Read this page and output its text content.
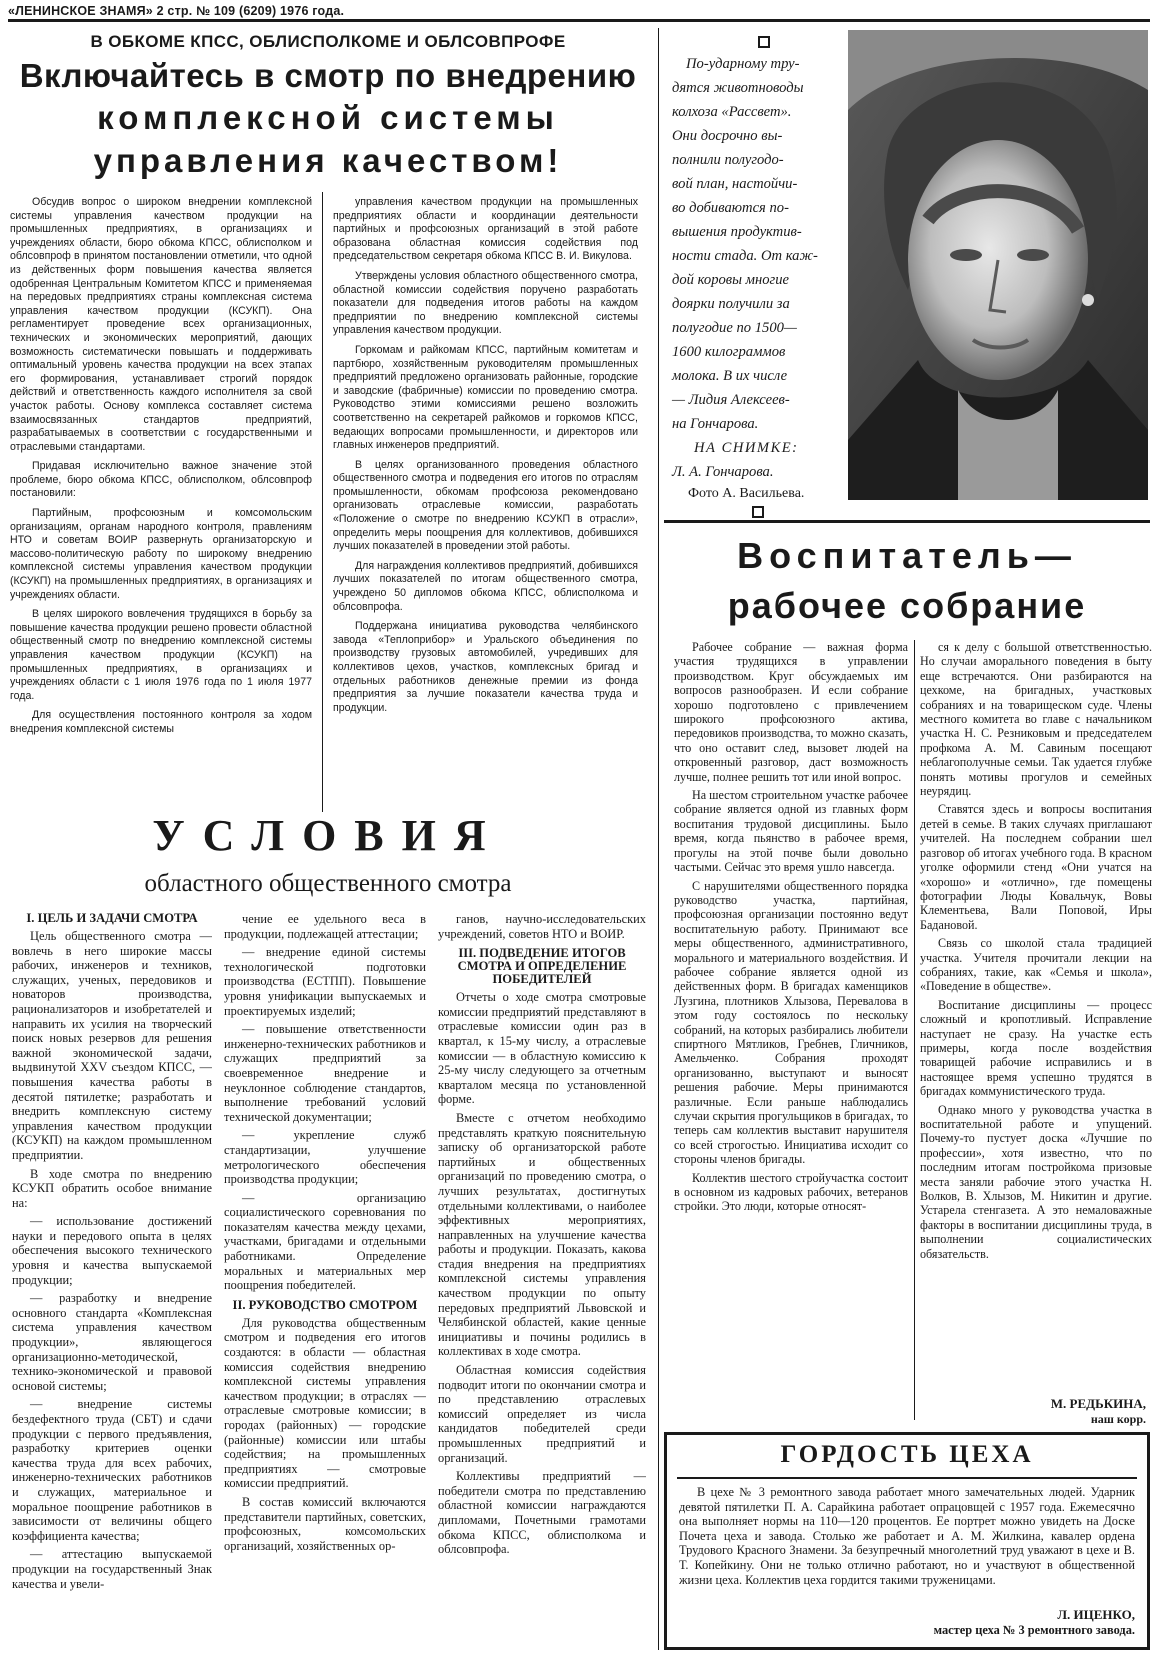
«ЛЕНИНСКОЕ ЗНАМЯ» 2 стр. № 109 (6209) 1976 года.
В ОБКОМЕ КПСС, ОБЛИСПОЛКОМЕ И ОБЛСОВПРОФЕ
Включайтесь в смотр по внедрению
комплексной системы
управления качеством!

Обсудив вопрос о широком внедрении комплексной системы управления качеством продукции на промышленных предприятиях, в организациях и учреждениях области, бюро обкома КПСС, облисполком и облсовпроф в принятом постановлении отметили, что одной из действенных форм повышения качества является одобренная Центральным Комитетом КПСС и применяемая на передовых предприятиях страны комплексная система управления качеством продукции (КСУКП). Она регламентирует проведение всех организационных, технических и экономических мероприятий, дающих возможность систематически повышать и поддерживать оптимальный уровень качества продукции на всех этапах его формирования, устанавливает строгий порядок действий и ответственность каждого исполнителя за свой участок работы. Основу комплекса составляет система взаимосвязанных стандартов предприятий, разрабатываемых в соответствии с государственными и отраслевыми стандартами.

Придавая исключительно важное значение этой проблеме, бюро обкома КПСС, облисполком, облсовпроф постановили:

Партийным, профсоюзным и комсомольским организациям, органам народного контроля, правлениям НТО и советам ВОИР развернуть организаторскую и массово-политическую работу по широкому внедрению комплексной системы управления качеством продукции (КСУКП) на промышленных предприятиях, в организациях и учреждениях области.

В целях широкого вовлечения трудящихся в борьбу за повышение качества продукции решено провести областной общественный смотр по внедрению комплексной системы управления качеством продукции (КСУКП) на промышленных предприятиях, в организациях и учреждениях области с 1 июля 1976 года по 1 июля 1977 года.

Для осуществления постоянного контроля за ходом внедрения комплексной системы

управления качеством продукции на промышленных предприятиях области и координации деятельности партийных и профсоюзных организаций в этой работе образована областная комиссия содействия под председательством секретаря обкома КПСС В. И. Викулова.

Утверждены условия областного общественного смотра, областной комиссии содействия поручено разработать показатели для подведения итогов работы на каждом предприятии по внедрению комплексной системы управления качеством продукции.

Горкомам и райкомам КПСС, партийным комитетам и партбюро, хозяйственным руководителям промышленных предприятий предложено организовать районные, городские и заводские (фабричные) комиссии по проведению смотра. Руководство этими комиссиями решено возложить соответственно на секретарей райкомов и горкомов КПСС, ведающих вопросами промышленности, и директоров или главных инженеров предприятий.

В целях организованного проведения областного общественного смотра и подведения его итогов по отраслям промышленности, обкомам профсоюза рекомендовано организовать отраслевые комиссии, разработать «Положение о смотре по внедрению КСУКП в отрасли», определить меры поощрения для коллективов, добившихся лучших показателей в проведении этой работы.

Для награждения коллективов предприятий, добившихся лучших показателей по итогам общественного смотра, учреждено 50 дипломов обкома КПСС, облисполкома и облсовпрофа.

Поддержана инициатива руководства челябинского завода «Теплоприбор» и Уральского объединения по производству грузовых автомобилей, учредивших для коллективов цехов, участков, комплексных бригад и отдельных работников денежные премии из фонда предприятия за лучшие показатели качества труда и продукции.

УСЛОВИЯ
областного общественного смотра
I. ЦЕЛЬ И ЗАДАЧИ СМОТРА

Цель общественного смотра — вовлечь в него широкие массы рабочих, инженеров и техников, служащих, ученых, передовиков и новаторов производства, рационализаторов и изобретателей и направить их усилия на творческий поиск новых резервов для решения важной экономической задачи, выдвинутой XXV съездом КПСС, — повышения качества работы в десятой пятилетке; разработать и внедрить комплексную систему управления качеством продукции (КСУКП) на каждом промышленном предприятии.

В ходе смотра по внедрению КСУКП обратить особое внимание на:

— использование достижений науки и передового опыта в целях обеспечения высокого технического уровня и качества выпускаемой продукции;

— разработку и внедрение основного стандарта «Комплексная система управления качеством продукции», являющегося организационно-методической, технико-экономической и правовой основой системы;

— внедрение системы бездефектного труда (СБТ) и сдачи продукции с первого предъявления, разработку критериев оценки качества труда для всех рабочих, инженерно-технических работников и служащих, материальное и моральное поощрение работников в зависимости от величины общего коэффициента качества;

— аттестацию выпускаемой продукции на государственный Знак качества и увели-

чение ее удельного веса в продукции, подлежащей аттестации;

— внедрение единой системы технологической подготовки производства (ЕСТПП). Повышение уровня унификации выпускаемых и проектируемых изделий;

— повышение ответственности инженерно-технических работников и служащих предприятий за своевременное внедрение и неуклонное соблюдение стандартов, выполнение требований условий технической документации;

— укрепление служб стандартизации, улучшение метрологического обеспечения производства продукции;

— организацию социалистического соревнования по показателям качества между цехами, участками, бригадами и отдельными работниками. Определение моральных и материальных мер поощрения победителей.

II. РУКОВОДСТВО СМОТРОМ

Для руководства общественным смотром и подведения его итогов создаются: в области — областная комиссия содействия внедрению комплексной системы управления качеством продукции; в отраслях — отраслевые смотровые комиссии; в городах (районных) — городские (районные) комиссии или штабы содействия; на промышленных предприятиях — смотровые комиссии предприятий.

В состав комиссий включаются представители партийных, советских, профсоюзных, комсомольских организаций, хозяйственных ор-

ганов, научно-исследовательских учреждений, советов НТО и ВОИР.

III. ПОДВЕДЕНИЕ ИТОГОВ СМОТРА И ОПРЕДЕЛЕНИЕ ПОБЕДИТЕЛЕЙ

Отчеты о ходе смотра смотровые комиссии предприятий представляют в отраслевые комиссии один раз в квартал, к 15-му числу, а отраслевые комиссии — в областную комиссию к 25-му числу следующего за отчетным кварталом месяца по установленной форме.

Вместе с отчетом необходимо представлять краткую пояснительную записку об организаторской работе партийных и общественных организаций по проведению смотра, о лучших результатах, достигнутых отдельными коллективами, о наиболее эффективных мероприятиях, направленных на улучшение качества работы и продукции. Показать, какова стадия внедрения на предприятиях комплексной системы управления качеством продукции по опыту передовых предприятий Львовской и Челябинской областей, какие ценные инициативы и почины родились в коллективах в ходе смотра.

Областная комиссия содействия подводит итоги по окончании смотра и по представлению отраслевых комиссий определяет из числа кандидатов победителей среди промышленных предприятий и организаций.

Коллективы предприятий — победители смотра по представлению областной комиссии награждаются дипломами, Почетными грамотами обкома КПСС, облисполкома и облсовпрофа.

По-ударному тру-

дятся животноводы

колхоза «Рассвет».

Они досрочно вы-

полнили полугодо-

вой план, настойчи-

во добиваются по-

вышения продуктив-

ности стада. От каж-

дой коровы многие

доярки получили за

полугодие по 1500—

1600 килограммов

молока. В их числе

— Лидия Алексеев-

на Гончарова.

НА СНИМКЕ:
Л. А. Гончарова.
Фото А. Васильева.
Воспитатель—
рабочее собрание

Рабочее собрание — важная форма участия трудящихся в управлении производством. Круг обсуждаемых им вопросов разнообразен. И если собрание хорошо подготовлено с привлечением широкого профсоюзного актива, передовиков производства, то можно сказать, что оно оставит след, вызовет людей на откровенный разговор, даст возможность лучше, полнее решить тот или иной вопрос.

На шестом строительном участке рабочее собрание является одной из главных форм воспитания трудовой дисциплины. Было время, когда пьянство в рабочее время, прогулы на этой почве были довольно частыми. Сейчас это время ушло навсегда.

С нарушителями общественного порядка руководство участка, партийная, профсоюзная организации постоянно ведут воспитательную работу. Принимают все меры общественного, административного, морального и материального воздействия. И рабочее собрание является одной из действенных форм. В бригадах каменщиков Лузгина, плотников Хлызова, Перевалова в этом году состоялось по нескольку собраний, на которых разбирались любители спиртного Мятликов, Гребнев, Гличников, Амельченко. Собрания проходят организованно, выступают и выносят решения рабочие. Меры принимаются различные. Если раньше наблюдались случаи скрытия прогульщиков в бригадах, то теперь сам коллектив выставит нарушителя со всей строгостью. Инициатива исходит со стороны членов бригады.

Коллектив шестого стройучастка состоит в основном из кадровых рабочих, ветеранов стройки. Это люди, которые относят-

ся к делу с большой ответственностью. Но случаи аморального поведения в быту еще встречаются. Они разбираются на цехкоме, на бригадных, участковых собраниях и на товарищеском суде. Члены местного комитета во главе с начальником участка Н. С. Резниковым и председателем профкома А. М. Савиным посещают неблагополучные семьи. Так удается глубже понять мотивы прогулов и семейных неурядиц.

Ставятся здесь и вопросы воспитания детей в семье. В таких случаях приглашают учителей. На последнем собрании шел разговор об итогах учебного года. В красном уголке оформили стенд «Они учатся на «хорошо» и «отлично», где помещены фотографии Люды Ковальчук, Вовы Клементьева, Вали Поповой, Иры Бадановой.

Связь со школой стала традицией участка. Учителя прочитали лекции на собраниях, такие, как «Семья и школа», «Поведение в обществе».

Воспитание дисциплины — процесс сложный и кропотливый. Исправление наступает не сразу. На участке есть примеры, когда после воздействия товарищей рабочие исправились и в настоящее время успешно трудятся в бригадах коммунистического труда.

Однако много у руководства участка в воспитательной работе и упущений. Почему-то пустует доска «Лучшие по профессии», хотя известно, что по последним итогам постройкома призовые места заняли рабочие этого участка Н. Волков, В. Хлызов, М. Никитин и другие. Устарела стенгазета. А это немаловажные факторы в воспитании дисциплины труда, в выполнении социалистических обязательств.

М. РЕДЬКИНА,
наш корр.
ГОРДОСТЬ ЦЕХА

В цехе № 3 ремонтного завода работает много замечательных людей. Ударник девятой пятилетки П. А. Сарайкина работает опрацовщей с 1957 года. Ежемесячно она выполняет нормы на 110—120 процентов. Ее портрет можно увидеть на Доске Почета цеха и завода. Столько же работает и А. М. Жилкина, кавалер ордена Трудового Красного Знамени. За безупречный многолетний труд уважают в цехе и В. Т. Копейкину. Они не только отлично работают, но и участвуют в общественной жизни цеха. Коллектив цеха гордится такими труженицами.

Л. ИЦЕНКО,
мастер цеха № 3 ремонтного завода.
